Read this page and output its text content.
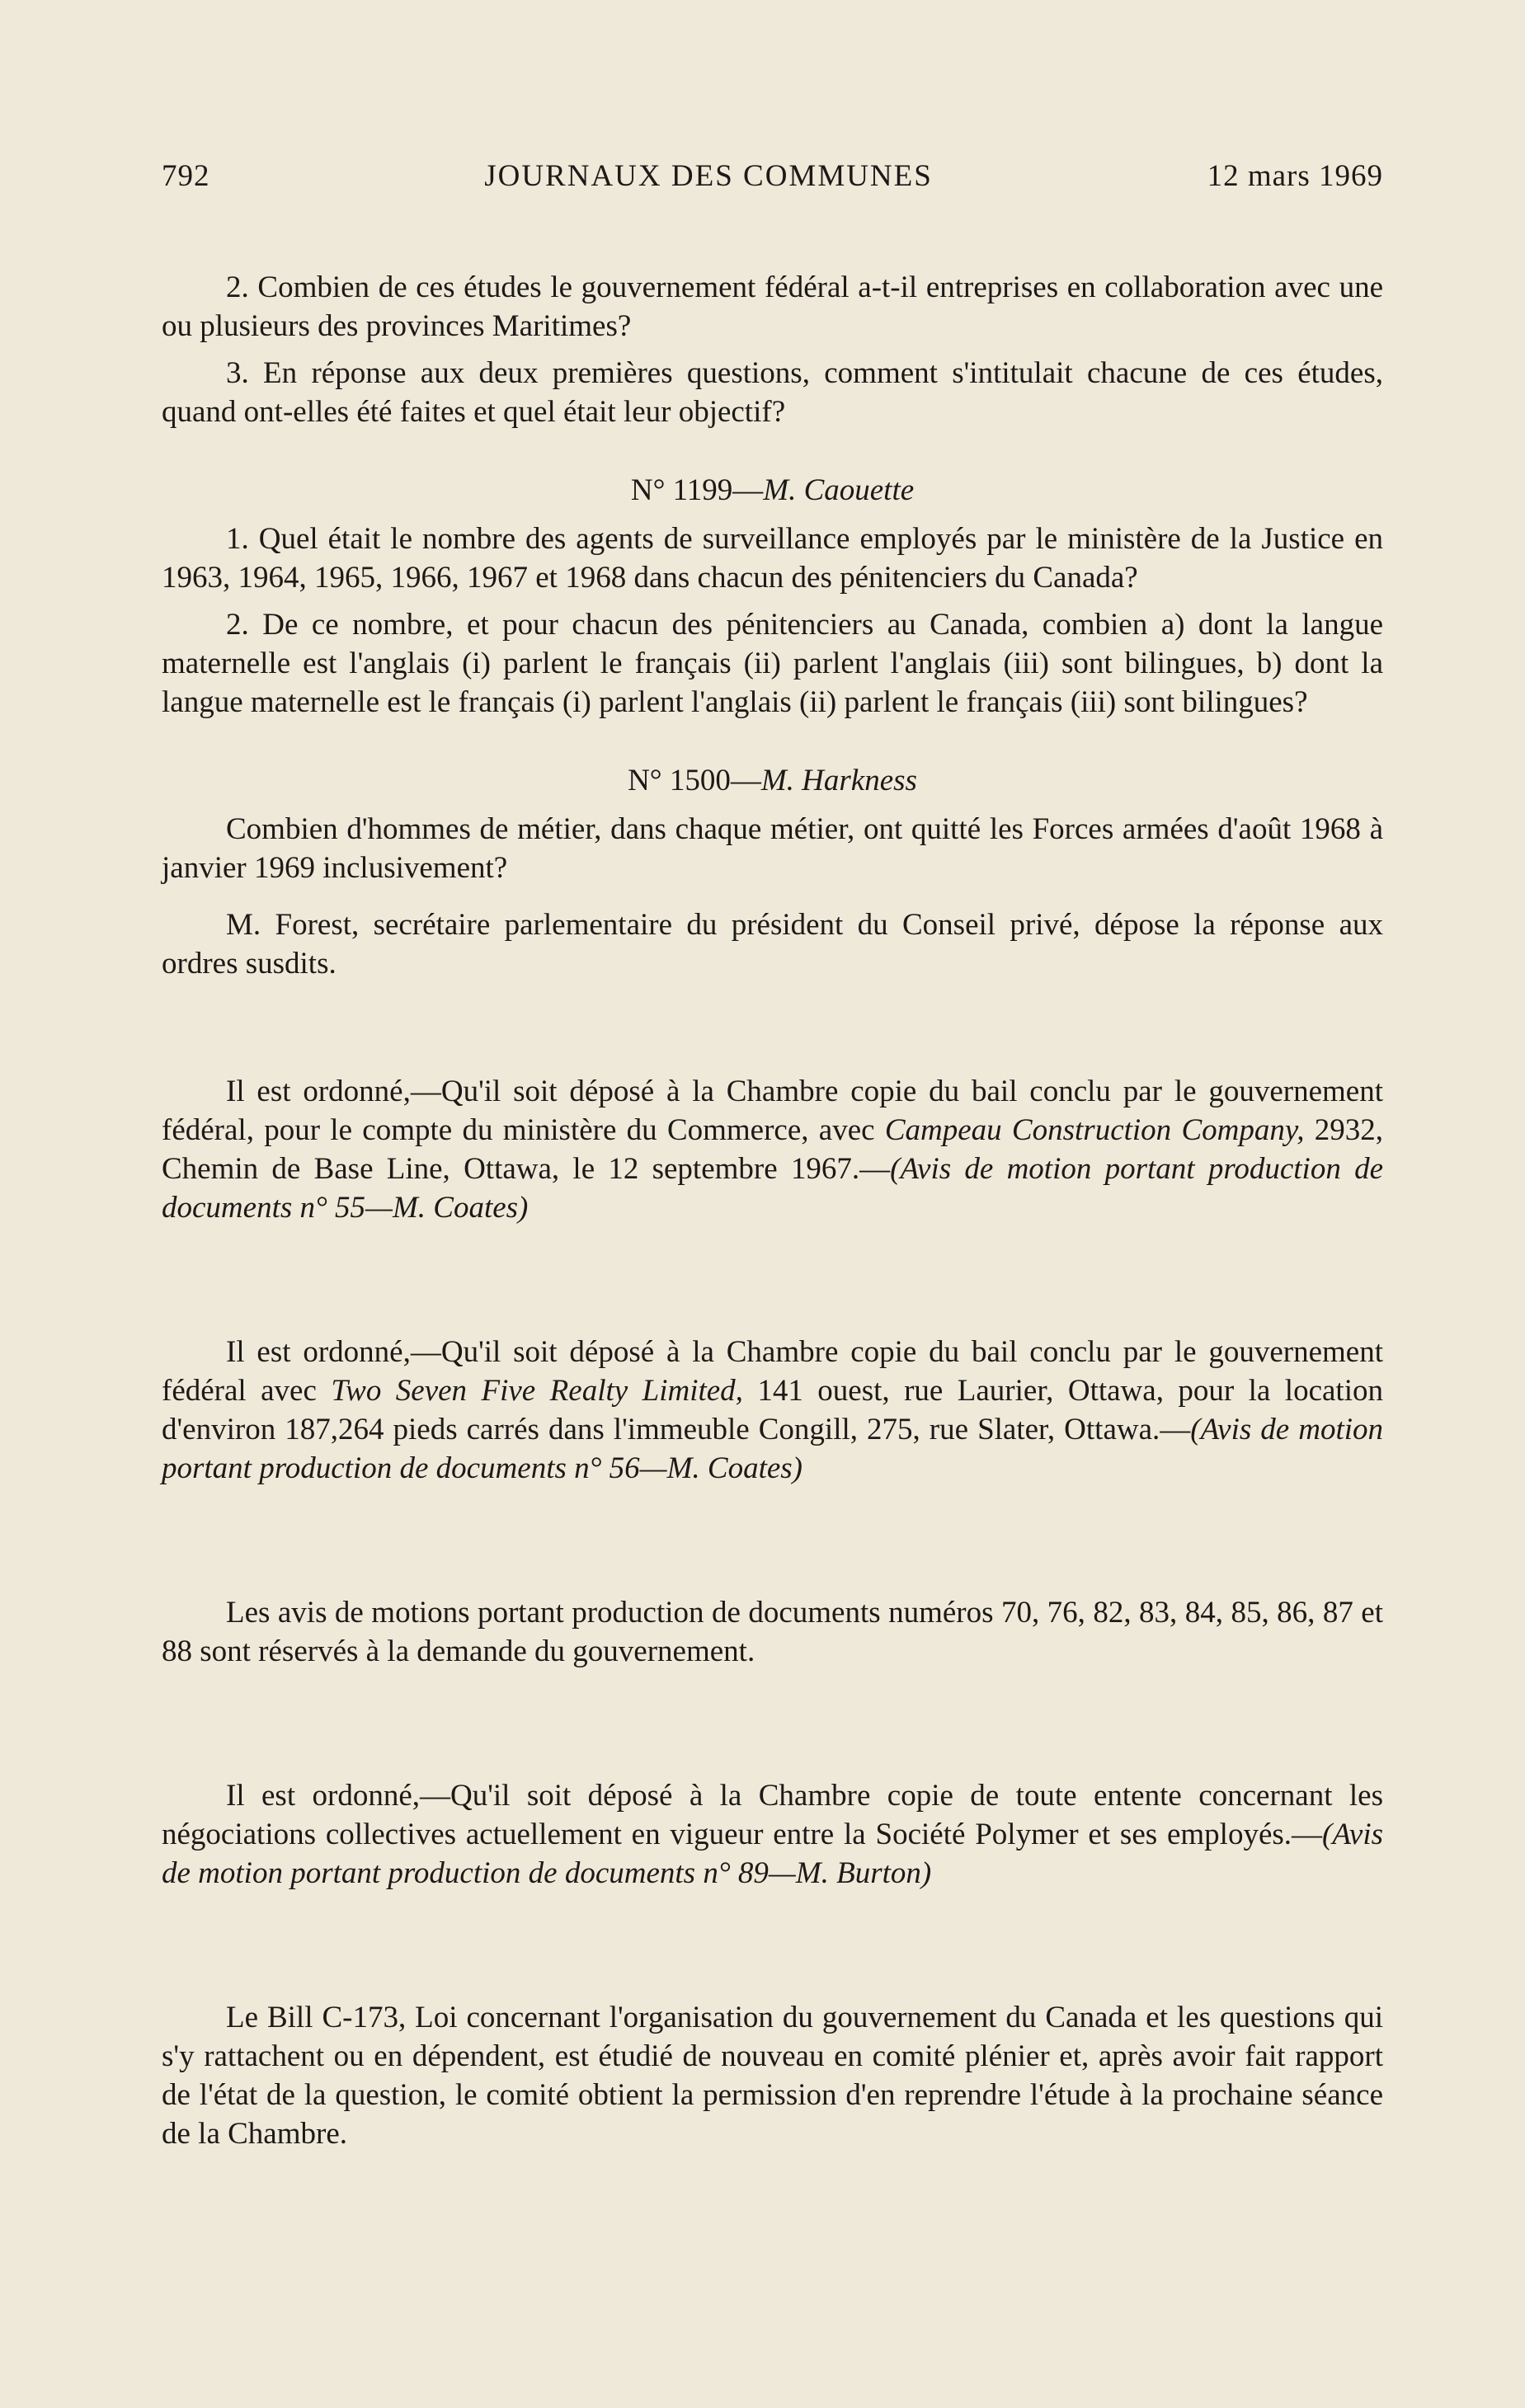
792	JOURNAUX DES COMMUNES	12 mars 1969

2. Combien de ces études le gouvernement fédéral a-t-il entreprises en collaboration avec une ou plusieurs des provinces Maritimes?

3. En réponse aux deux premières questions, comment s'intitulait chacune de ces études, quand ont-elles été faites et quel était leur objectif?

N° 1199—M. Caouette

1. Quel était le nombre des agents de surveillance employés par le ministère de la Justice en 1963, 1964, 1965, 1966, 1967 et 1968 dans chacun des pénitenciers du Canada?

2. De ce nombre, et pour chacun des pénitenciers au Canada, combien a) dont la langue maternelle est l'anglais (i) parlent le français (ii) parlent l'anglais (iii) sont bilingues, b) dont la langue maternelle est le français (i) parlent l'anglais (ii) parlent le français (iii) sont bilingues?

N° 1500—M. Harkness

Combien d'hommes de métier, dans chaque métier, ont quitté les Forces armées d'août 1968 à janvier 1969 inclusivement?

M. Forest, secrétaire parlementaire du président du Conseil privé, dépose la réponse aux ordres susdits.

Il est ordonné,—Qu'il soit déposé à la Chambre copie du bail conclu par le gouvernement fédéral, pour le compte du ministère du Commerce, avec Campeau Construction Company, 2932, Chemin de Base Line, Ottawa, le 12 septembre 1967.—(Avis de motion portant production de documents n° 55—M. Coates)

Il est ordonné,—Qu'il soit déposé à la Chambre copie du bail conclu par le gouvernement fédéral avec Two Seven Five Realty Limited, 141 ouest, rue Laurier, Ottawa, pour la location d'environ 187,264 pieds carrés dans l'immeuble Congill, 275, rue Slater, Ottawa.—(Avis de motion portant production de documents n° 56—M. Coates)

Les avis de motions portant production de documents numéros 70, 76, 82, 83, 84, 85, 86, 87 et 88 sont réservés à la demande du gouvernement.

Il est ordonné,—Qu'il soit déposé à la Chambre copie de toute entente concernant les négociations collectives actuellement en vigueur entre la Société Polymer et ses employés.—(Avis de motion portant production de documents n° 89—M. Burton)

Le Bill C-173, Loi concernant l'organisation du gouvernement du Canada et les questions qui s'y rattachent ou en dépendent, est étudié de nouveau en comité plénier et, après avoir fait rapport de l'état de la question, le comité obtient la permission d'en reprendre l'étude à la prochaine séance de la Chambre.
